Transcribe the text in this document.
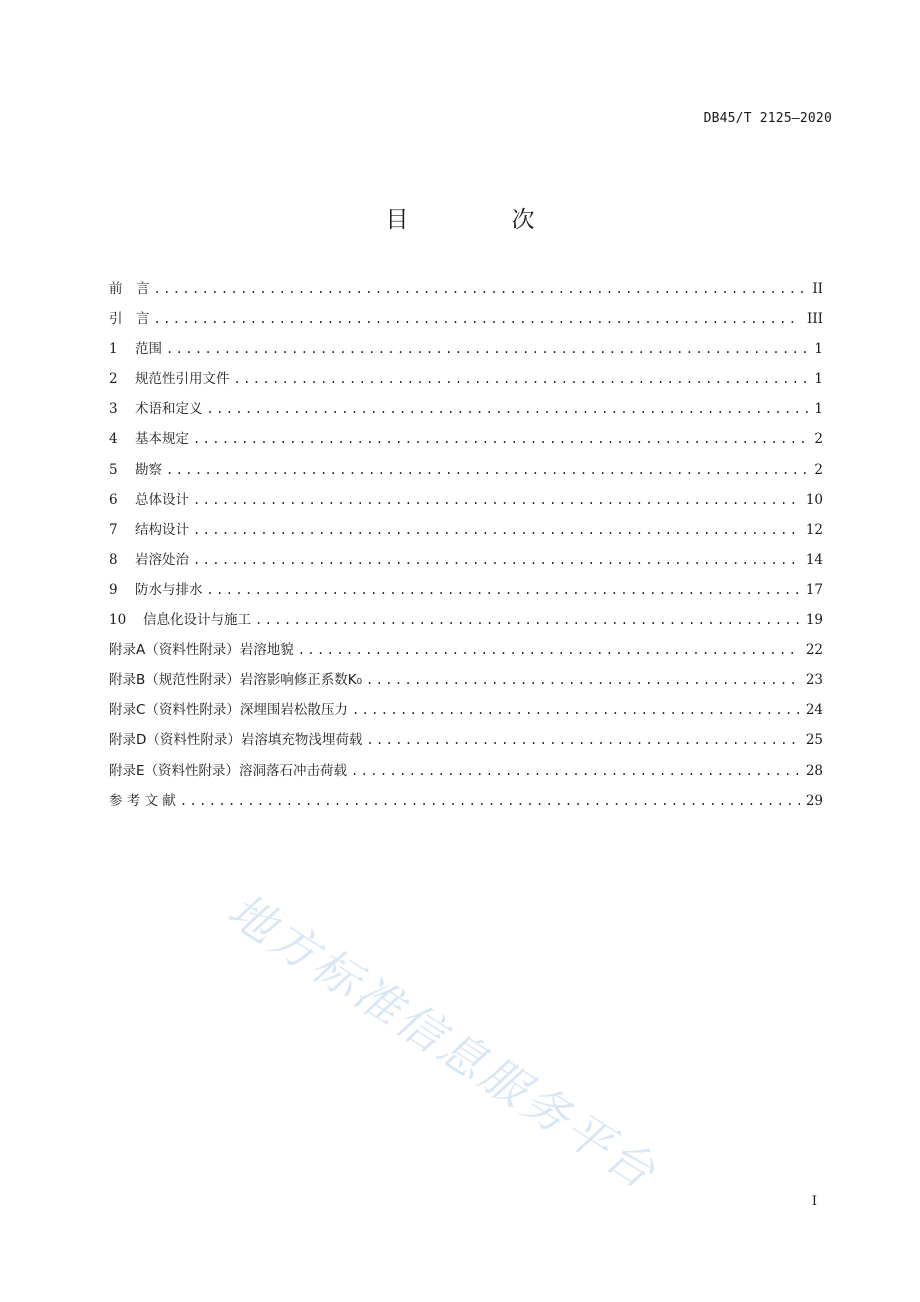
DB45/T 2125—2020
目　次
前　言 .....	II
引　言 .....	III
1	范围 .....	1
2	规范性引用文件 .....	1
3	术语和定义 .....	1
4	基本规定 .....	2
5	勘察 .....	2
6	总体设计 .....	10
7	结构设计 .....	12
8	岩溶处治 .....	14
9	防水与排水 .....	17
10	信息化设计与施工 .....	19
附录A（资料性附录）岩溶地貌 .....	22
附录B（规范性附录）岩溶影响修正系数K₀ .....	23
附录C（资料性附录）深埋围岩松散压力 .....	24
附录D（资料性附录）岩溶填充物浅埋荷载 .....	25
附录E（资料性附录）溶洞落石冲击荷载 .....	28
参 考 文 献 .....	29
地方标准信息服务平台
I
